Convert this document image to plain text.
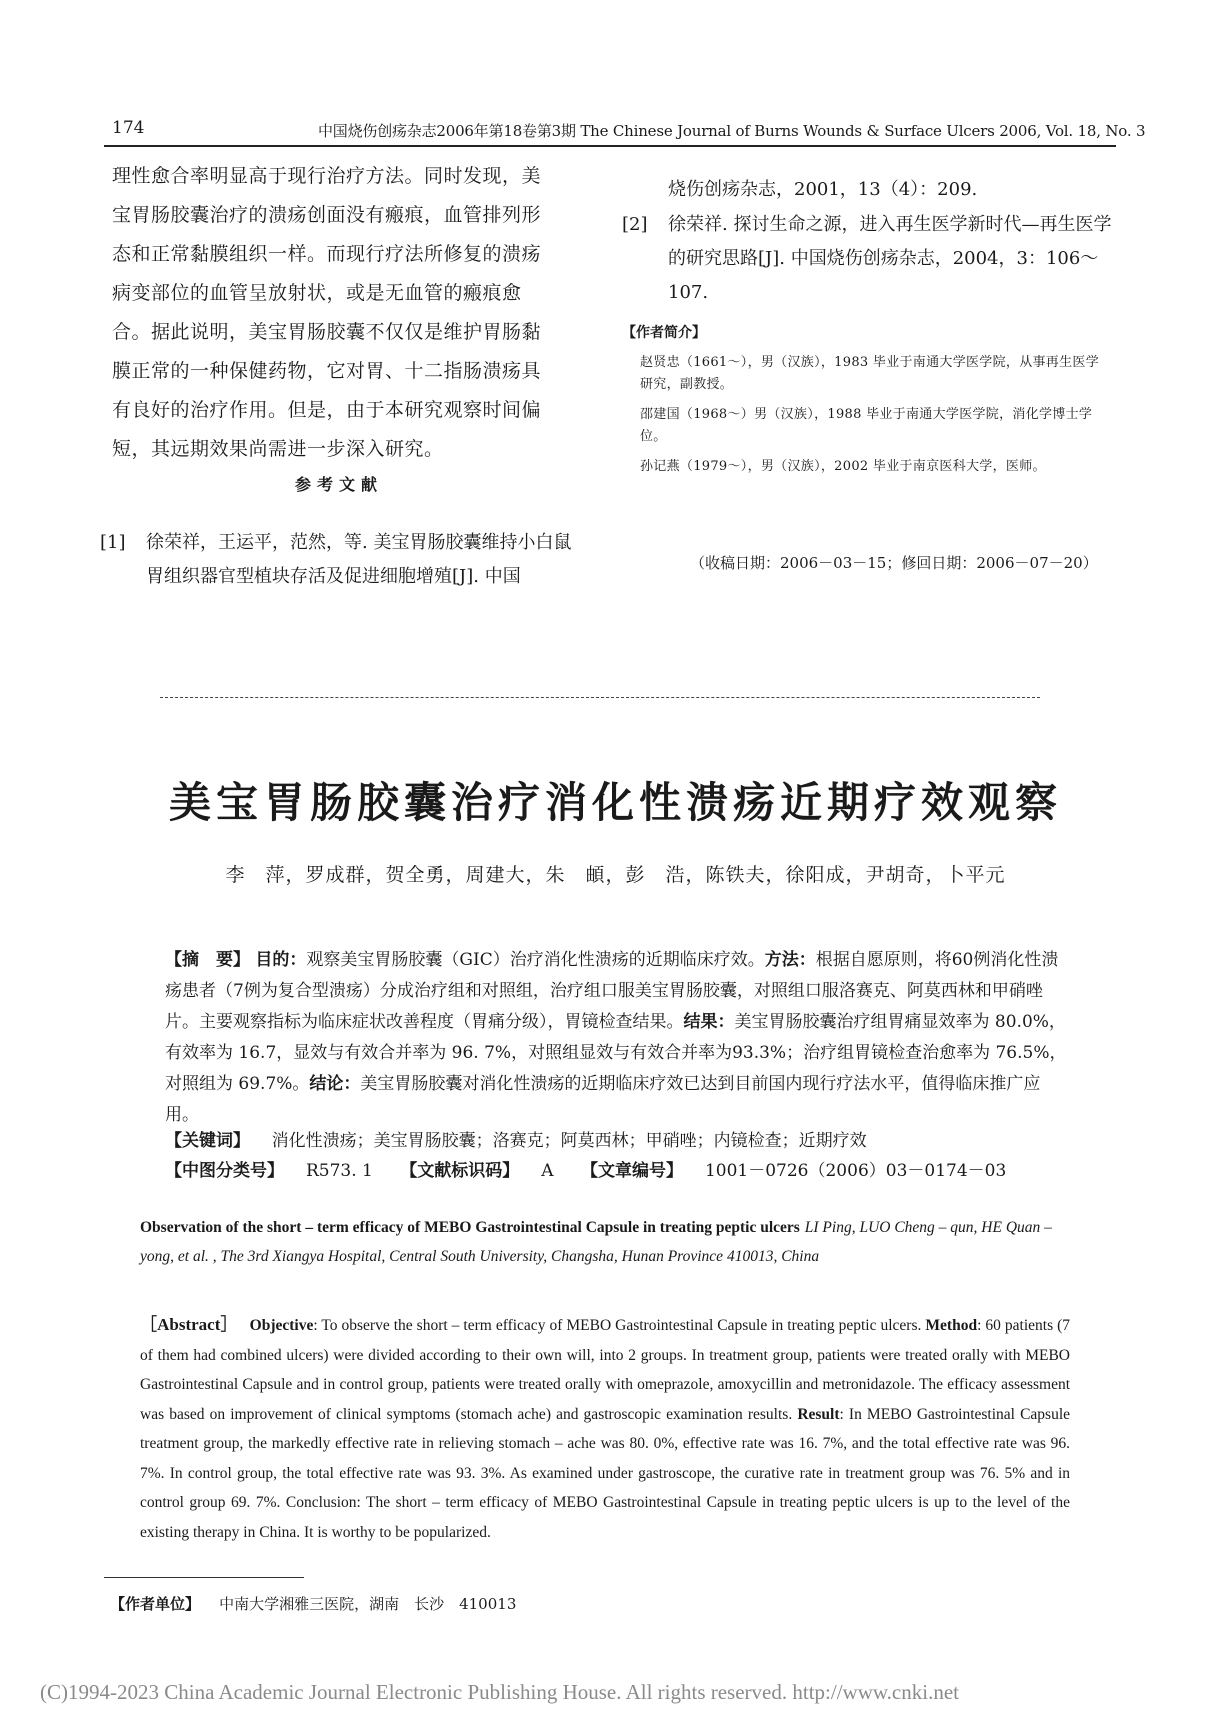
174	中国烧伤创疡杂志2006年第18卷第3期 The Chinese Journal of Burns Wounds & Surface Ulcers 2006, Vol. 18, No. 3

理性愈合率明显高于现行治疗方法。同时发现，美

宝胃肠胶囊治疗的溃疡创面没有瘢痕，血管排列形

态和正常黏膜组织一样。而现行疗法所修复的溃疡

病变部位的血管呈放射状，或是无血管的瘢痕愈

合。据此说明，美宝胃肠胶囊不仅仅是维护胃肠黏

膜正常的一种保健药物，它对胃、十二指肠溃疡具

有良好的治疗作用。但是，由于本研究观察时间偏

短，其远期效果尚需进一步深入研究。

参考文献
[1]	徐荣祥，王运平，范然，等. 美宝胃肠胶囊维持小白鼠胃组织器官型植块存活及促进细胞增殖[J]. 中国
烧伤创疡杂志，2001，13（4）：209.
[2]	徐荣祥. 探讨生命之源，进入再生医学新时代—再生医学的研究思路[J]. 中国烧伤创疡杂志，2004，3：106～107.
【作者简介】
赵贤忠（1661～），男（汉族），1983 毕业于南通大学医学院，从事再生医学研究，副教授。
邵建国（1968～）男（汉族），1988 毕业于南通大学医学院，消化学博士学位。
孙记燕（1979～），男（汉族），2002 毕业于南京医科大学，医师。
（收稿日期：2006－03－15；修回日期：2006－07－20）
美宝胃肠胶囊治疗消化性溃疡近期疗效观察
李　萍，罗成群，贺全勇，周建大，朱　頔，彭　浩，陈铁夫，徐阳成，尹胡奇，卜平元
【摘　要】 目的：观察美宝胃肠胶囊（GIC）治疗消化性溃疡的近期临床疗效。方法：根据自愿原则，将60例消化性溃疡患者（7例为复合型溃疡）分成治疗组和对照组，治疗组口服美宝胃肠胶囊，对照组口服洛赛克、阿莫西林和甲硝唑片。主要观察指标为临床症状改善程度（胃痛分级），胃镜检查结果。结果：美宝胃肠胶囊治疗组胃痛显效率为 80.0%，有效率为 16.7，显效与有效合并率为 96. 7%，对照组显效与有效合并率为93.3%；治疗组胃镜检查治愈率为 76.5%，对照组为 69.7%。结论：美宝胃肠胶囊对消化性溃疡的近期临床疗效已达到目前国内现行疗法水平，值得临床推广应用。
【关键词】 消化性溃疡；美宝胃肠胶囊；洛赛克；阿莫西林；甲硝唑；内镜检查；近期疗效
【中图分类号】 R573. 1 【文献标识码】 A 【文章编号】 1001－0726（2006）03－0174－03
Observation of the short – term efficacy of MEBO Gastrointestinal Capsule in treating peptic ulcers LI Ping, LUO Cheng – qun, HE Quan – yong, et al. , The 3rd Xiangya Hospital, Central South University, Changsha, Hunan Province 410013, China
［Abstract］ Objective: To observe the short – term efficacy of MEBO Gastrointestinal Capsule in treating peptic ulcers. Method: 60 patients (7 of them had combined ulcers) were divided according to their own will, into 2 groups. In treatment group, patients were treated orally with MEBO Gastrointestinal Capsule and in control group, patients were treated orally with omeprazole, amoxycillin and metronidazole. The efficacy assessment was based on improvement of clinical symptoms (stomach ache) and gastroscopic examination results. Result: In MEBO Gastrointestinal Capsule treatment group, the markedly effective rate in relieving stomach – ache was 80. 0%, effective rate was 16. 7%, and the total effective rate was 96. 7%. In control group, the total effective rate was 93. 3%. As examined under gastroscope, the curative rate in treatment group was 76. 5% and in control group 69. 7%. Conclusion: The short – term efficacy of MEBO Gastrointestinal Capsule in treating peptic ulcers is up to the level of the existing therapy in China. It is worthy to be popularized.
【作者单位】 中南大学湘雅三医院，湖南　长沙　410013
(C)1994-2023 China Academic Journal Electronic Publishing House. All rights reserved. http://www.cnki.net
